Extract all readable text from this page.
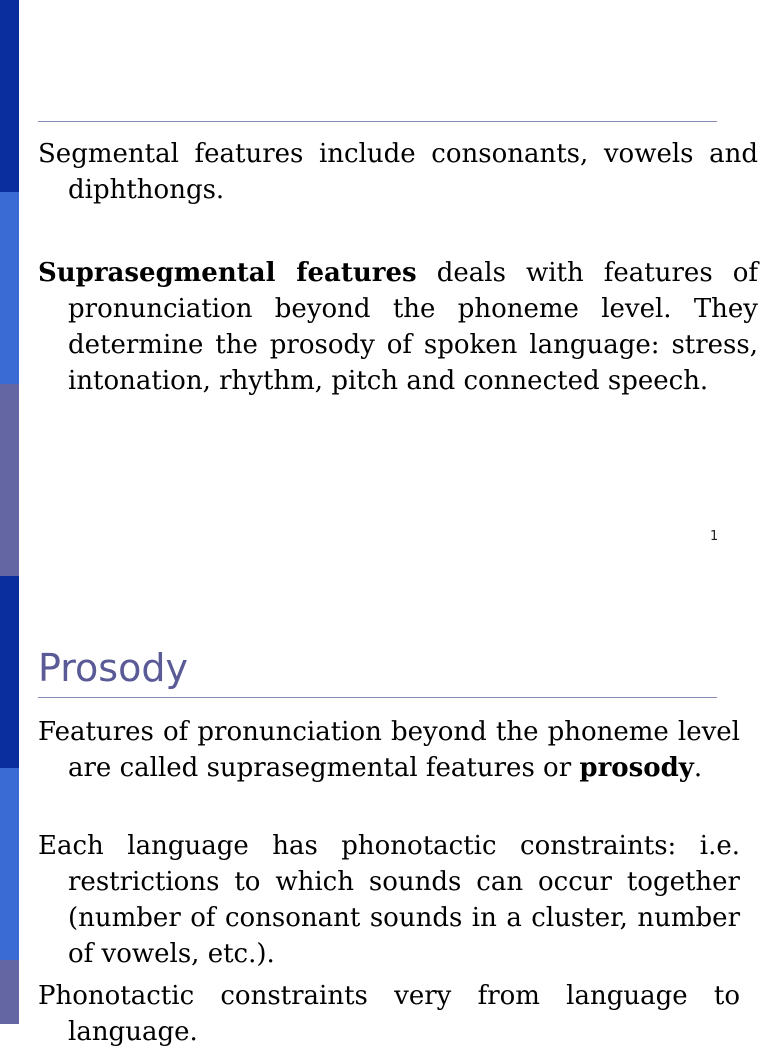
Segmental features include consonants, vowels and diphthongs.

Suprasegmental features deals with features of pronunciation beyond the phoneme level. They determine the prosody of spoken language: stress, intonation, rhythm, pitch and connected speech.

1
Prosody

Features of pronunciation beyond the phoneme level are called suprasegmental features or prosody.

Each language has phonotactic constraints: i.e. restrictions to which sounds can occur together (number of consonant sounds in a cluster, number of vowels, etc.).

Phonotactic constraints very from language to language.
